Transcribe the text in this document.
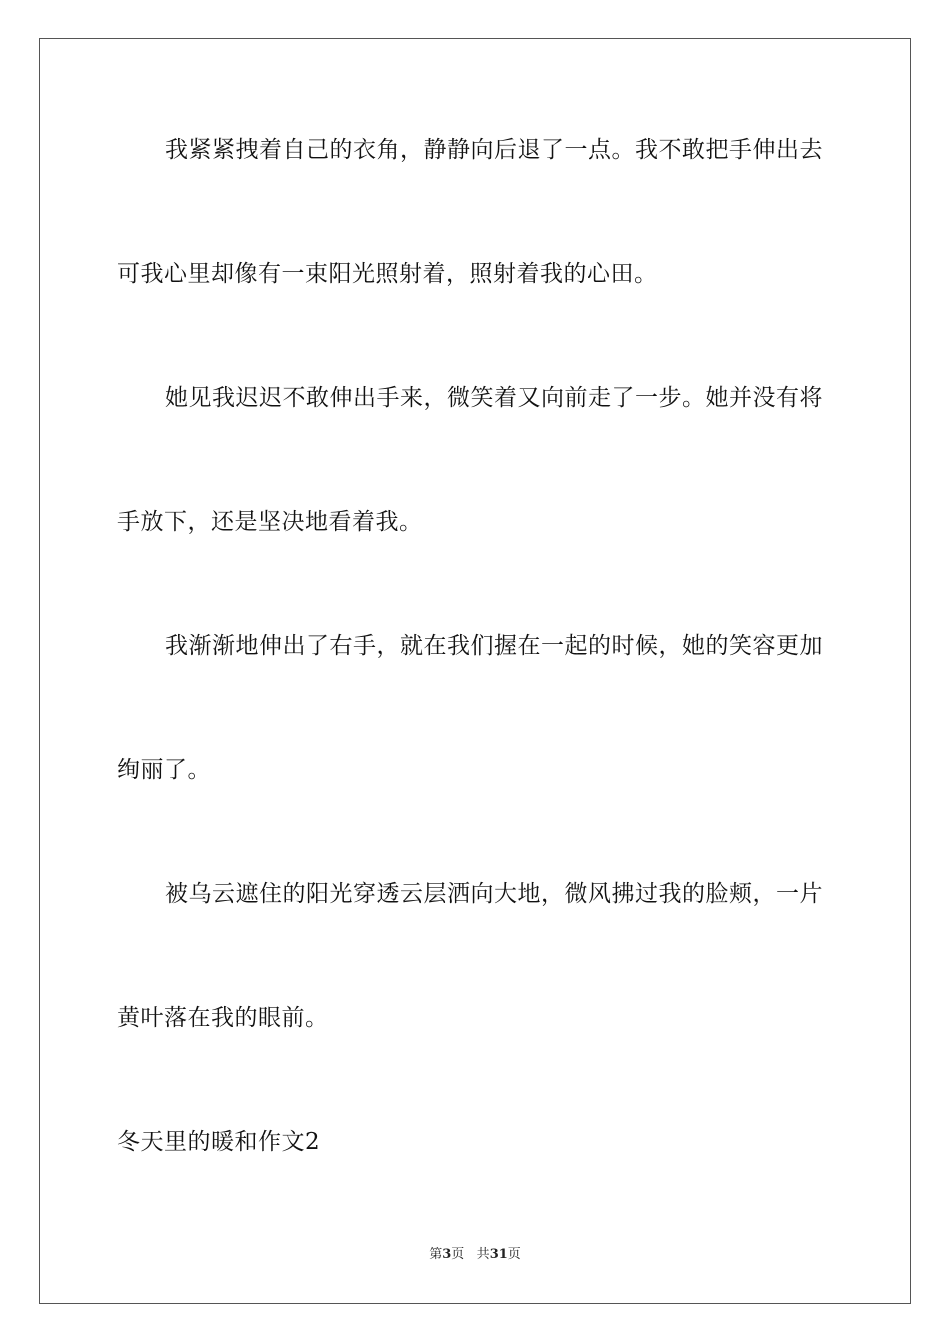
我紧紧拽着自己的衣角，静静向后退了一点。我不敢把手伸出去
可我心里却像有一束阳光照射着，照射着我的心田。
她见我迟迟不敢伸出手来，微笑着又向前走了一步。她并没有将
手放下，还是坚决地看着我。
我渐渐地伸出了右手，就在我们握在一起的时候，她的笑容更加
绚丽了。
被乌云遮住的阳光穿透云层洒向大地，微风拂过我的脸颊，一片
黄叶落在我的眼前。
冬天里的暖和作文2
第3页 共31页
